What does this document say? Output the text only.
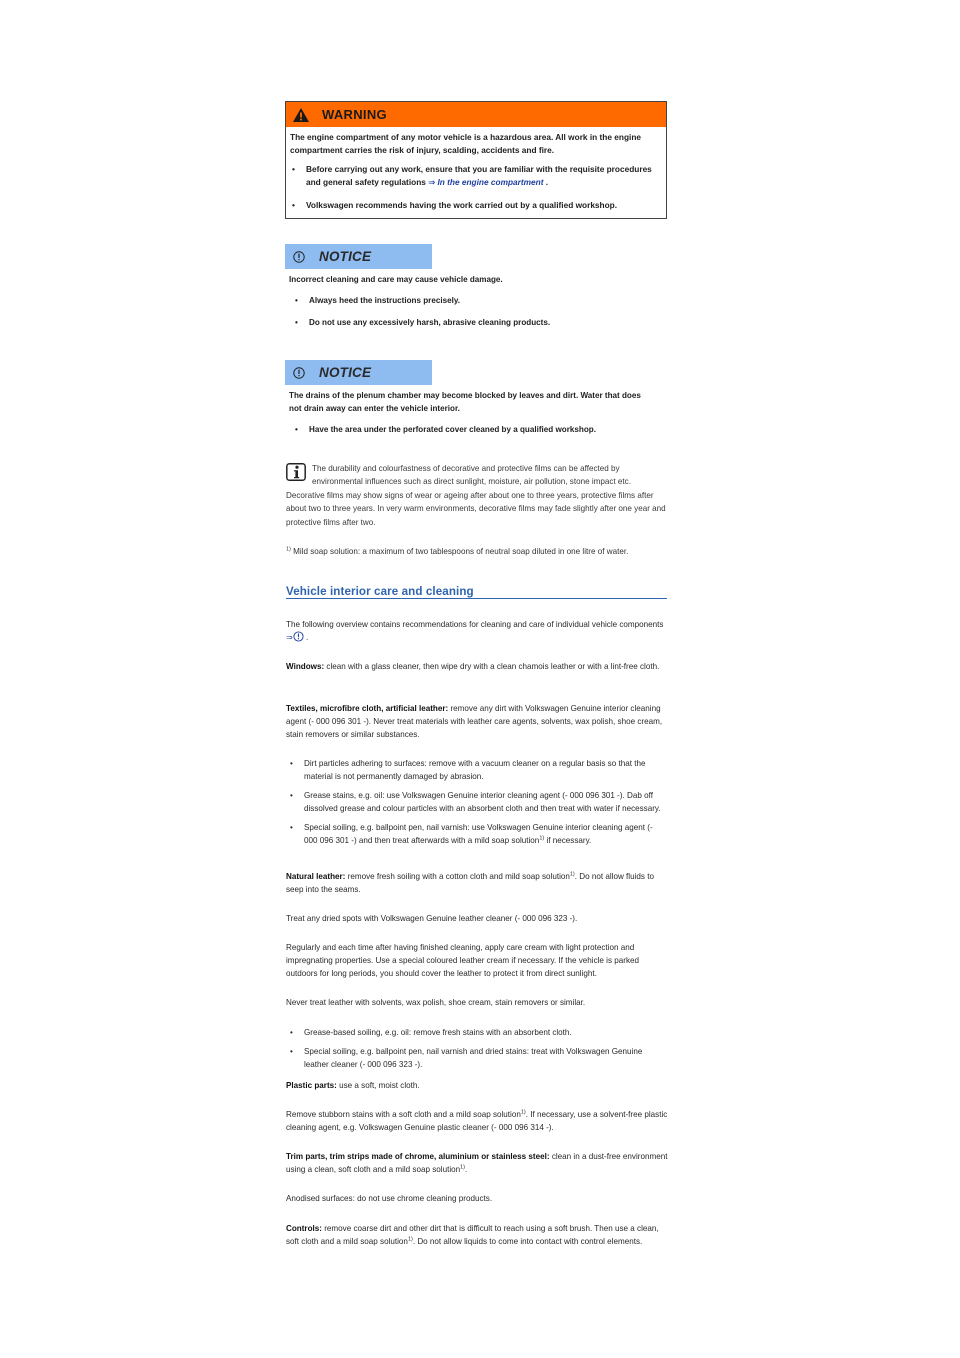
WARNING

The engine compartment of any motor vehicle is a hazardous area. All work in the engine compartment carries the risk of injury, scalding, accidents and fire.

•	Before carrying out any work, ensure that you are familiar with the requisite procedures and general safety regulations ⇒ In the engine compartment .
•	Volkswagen recommends having the work carried out by a qualified workshop.
NOTICE

Incorrect cleaning and care may cause vehicle damage.

•	Always heed the instructions precisely.
•	Do not use any excessively harsh, abrasive cleaning products.
NOTICE

The drains of the plenum chamber may become blocked by leaves and dirt. Water that does not drain away can enter the vehicle interior.

•	Have the area under the perforated cover cleaned by a qualified workshop.
The durability and colourfastness of decorative and protective films can be affected by environmental influences such as direct sunlight, moisture, air pollution, stone impact etc. Decorative films may show signs of wear or ageing after about one to three years, protective films after about two to three years. In very warm environments, decorative films may fade slightly after one year and protective films after two.
$^{1)}$ Mild soap solution: a maximum of two tablespoons of neutral soap diluted in one litre of water.
Vehicle interior care and cleaning

The following overview contains recommendations for cleaning and care of individual vehicle components ⇒ .

Windows: clean with a glass cleaner, then wipe dry with a clean chamois leather or with a lint-free cloth.

Textiles, microfibre cloth, artificial leather: remove any dirt with Volkswagen Genuine interior cleaning agent (- 000 096 301 -). Never treat materials with leather care agents, solvents, wax polish, shoe cream, stain removers or similar substances.

•	Dirt particles adhering to surfaces: remove with a vacuum cleaner on a regular basis so that the material is not permanently damaged by abrasion.
•	Grease stains, e.g. oil: use Volkswagen Genuine interior cleaning agent (- 000 096 301 -). Dab off dissolved grease and colour particles with an absorbent cloth and then treat with water if necessary.
•	Special soiling, e.g. ballpoint pen, nail varnish: use Volkswagen Genuine interior cleaning agent (- 000 096 301 -) and then treat afterwards with a mild soap solution$^{1)}$ if necessary.

Natural leather: remove fresh soiling with a cotton cloth and mild soap solution$^{1)}$. Do not allow fluids to seep into the seams.

Treat any dried spots with Volkswagen Genuine leather cleaner (- 000 096 323 -).

Regularly and each time after having finished cleaning, apply care cream with light protection and impregnating properties. Use a special coloured leather cream if necessary. If the vehicle is parked outdoors for long periods, you should cover the leather to protect it from direct sunlight.

Never treat leather with solvents, wax polish, shoe cream, stain removers or similar.

•	Grease-based soiling, e.g. oil: remove fresh stains with an absorbent cloth.
•	Special soiling, e.g. ballpoint pen, nail varnish and dried stains: treat with Volkswagen Genuine leather cleaner (- 000 096 323 -).

Plastic parts: use a soft, moist cloth.

Remove stubborn stains with a soft cloth and a mild soap solution$^{1)}$. If necessary, use a solvent-free plastic cleaning agent, e.g. Volkswagen Genuine plastic cleaner (- 000 096 314 -).

Trim parts, trim strips made of chrome, aluminium or stainless steel: clean in a dust-free environment using a clean, soft cloth and a mild soap solution$^{1)}$.

Anodised surfaces: do not use chrome cleaning products.

Controls: remove coarse dirt and other dirt that is difficult to reach using a soft brush. Then use a clean, soft cloth and a mild soap solution$^{1)}$. Do not allow liquids to come into contact with control elements.
